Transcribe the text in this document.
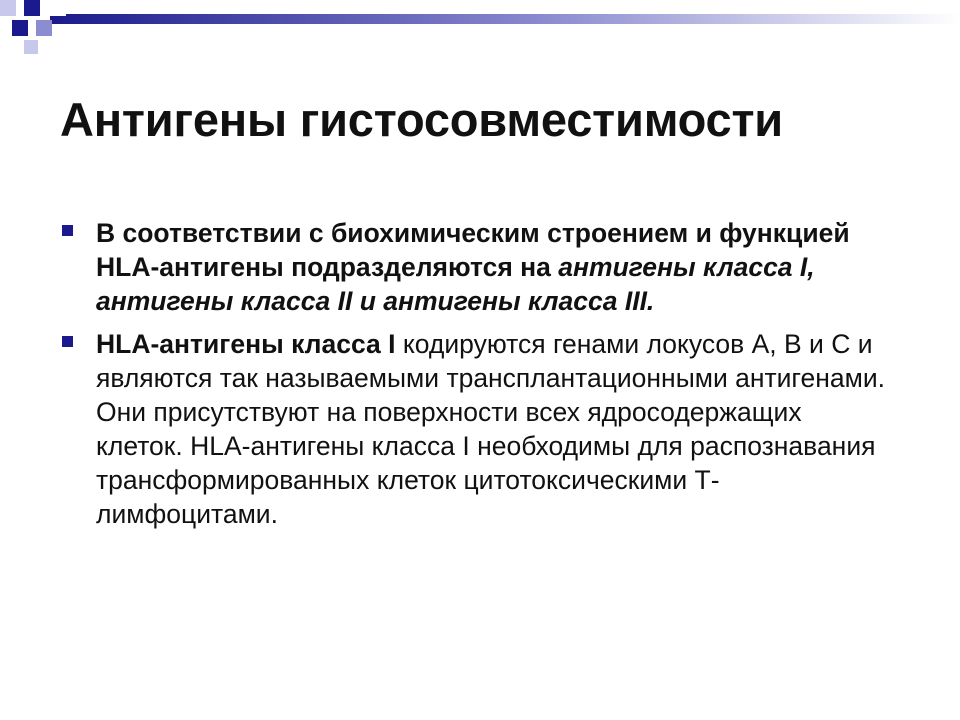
Антигены гистосовместимости
В соответствии с биохимическим строением и функцией HLA-антигены подразделяются на антигены класса I, антигены класса II и антигены класса III.
HLA-антигены класса I кодируются генами локусов А, В и С и являются так называемыми трансплантационными антигенами. Они присутствуют на поверхности всех ядросодержащих клеток. HLA-антигены класса I необходимы для распознавания трансформированных клеток цитотоксическими Т-лимфоцитами.
